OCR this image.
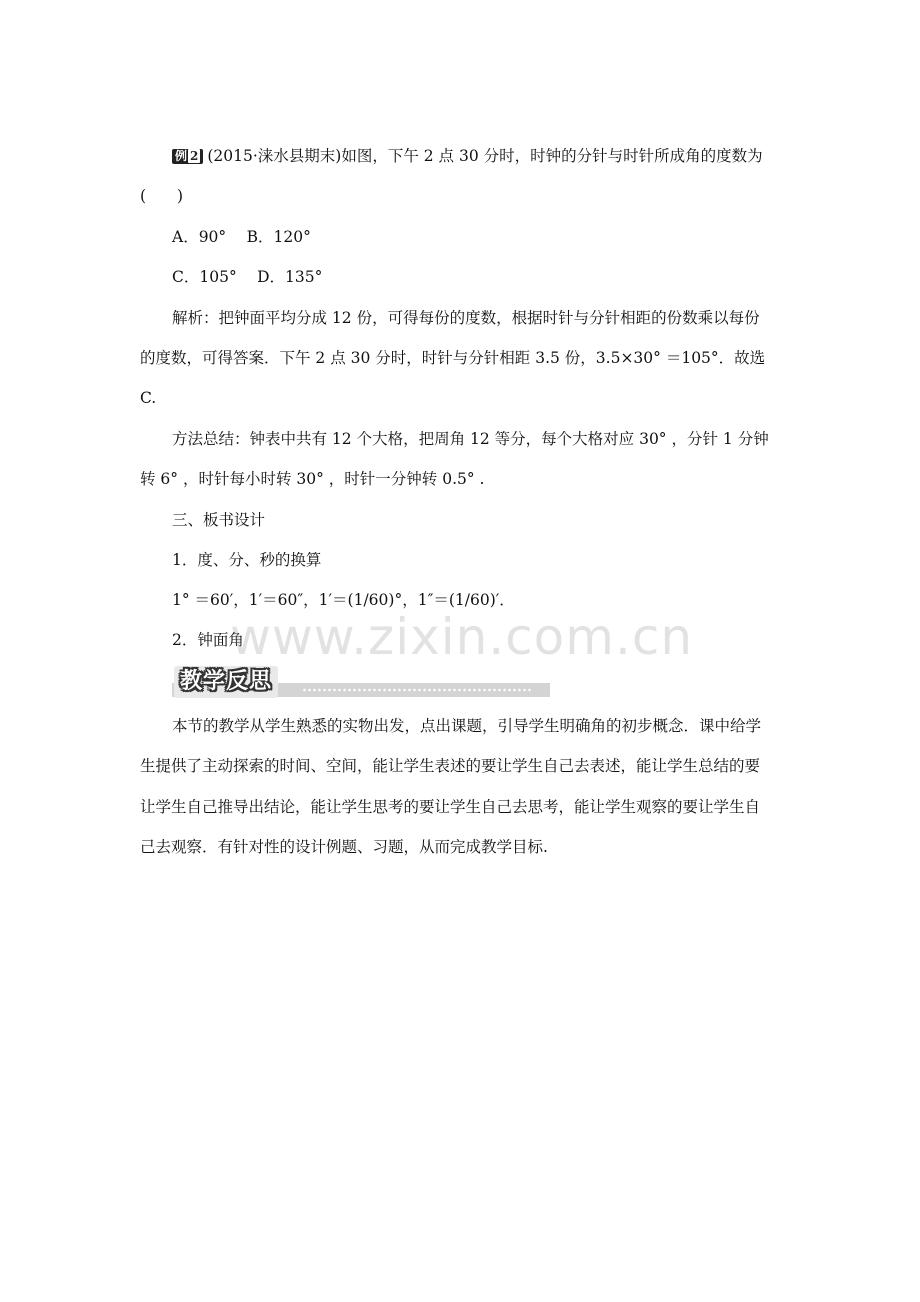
例 2 (2015·涞水县期末)如图，下午 2 点 30 分时，时钟的分针与时针所成角的度数为
(　　)
A．90°　 B．120°
C．105°　 D．135°
解析：把钟面平均分成 12 份，可得每份的度数，根据时针与分针相距的份数乘以每份
的度数，可得答案．下午 2 点 30 分时，时针与分针相距 3.5 份，3.5×30° ＝105°．故选
C.
方法总结：钟表中共有 12 个大格，把周角 12 等分，每个大格对应 30° ，分针 1 分钟
转 6° ，时针每小时转 30° ，时针一分钟转 0.5° .
三、板书设计
1．度、分、秒的换算
1° ＝60′，1′＝60″，1′＝(1/60)°，1″＝(1/60)′．
2．钟面角
www.zixin.com.cn
教学反思
本节的教学从学生熟悉的实物出发，点出课题，引导学生明确角的初步概念．课中给学
生提供了主动探索的时间、空间，能让学生表述的要让学生自己去表述，能让学生总结的要
让学生自己推导出结论，能让学生思考的要让学生自己去思考，能让学生观察的要让学生自
己去观察．有针对性的设计例题、习题，从而完成教学目标.
